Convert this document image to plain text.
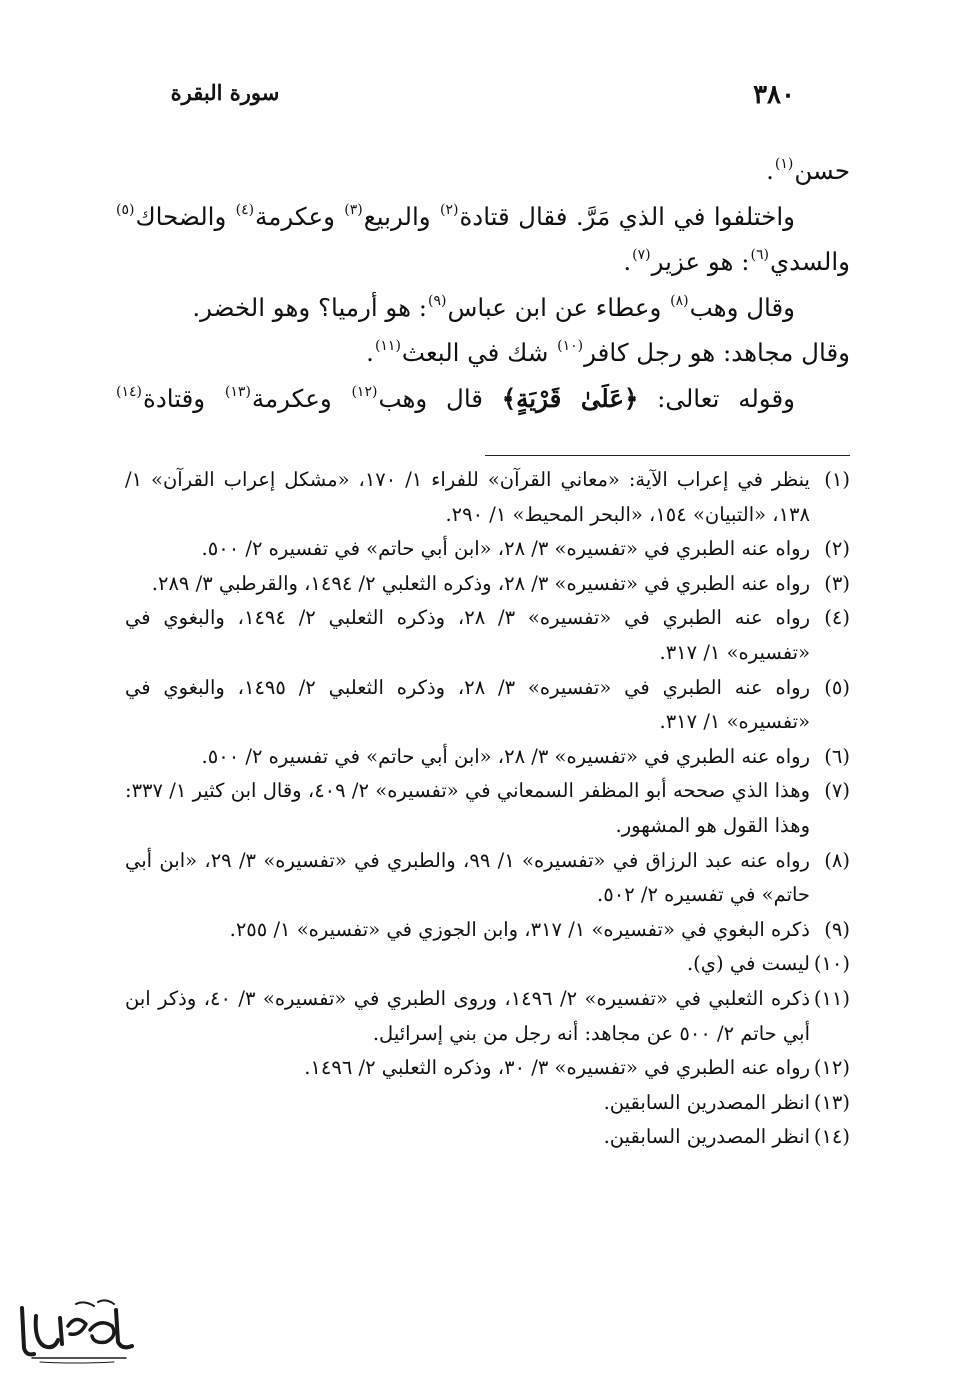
سورة البقرة	٣٨٠

حسن$^{(١)}$.

واختلفوا في الذي مَرَّ. فقال قتادة$^{(٢)}$ والربيع$^{(٣)}$ وعكرمة$^{(٤)}$ والضحاك$^{(٥)}$ والسدي$^{(٦)}$: هو عزير$^{(٧)}$.

وقال وهب$^{(٨)}$ وعطاء عن ابن عباس$^{(٩)}$: هو أرميا؟ وهو الخضر.

وقال مجاهد: هو رجل كافر$^{(١٠)}$ شك في البعث$^{(١١)}$.

وقوله تعالى: ﴿عَلَىٰ قَرْيَةٍ﴾ قال وهب$^{(١٢)}$ وعكرمة$^{(١٣)}$ وقتادة$^{(١٤)}$

(١)
ينظر في إعراب الآية: «معاني القرآن» للفراء ١/ ١٧٠، «مشكل إعراب القرآن» ١/ ١٣٨، «التبيان» ١٥٤، «البحر المحيط» ١/ ٢٩٠.
(٢)
رواه عنه الطبري في «تفسيره» ٣/ ٢٨، «ابن أبي حاتم» في تفسيره ٢/ ٥٠٠.
(٣)
رواه عنه الطبري في «تفسيره» ٣/ ٢٨، وذكره الثعلبي ٢/ ١٤٩٤، والقرطبي ٣/ ٢٨٩.
(٤)
رواه عنه الطبري في «تفسيره» ٣/ ٢٨، وذكره الثعلبي ٢/ ١٤٩٤، والبغوي في «تفسيره» ١/ ٣١٧.
(٥)
رواه عنه الطبري في «تفسيره» ٣/ ٢٨، وذكره الثعلبي ٢/ ١٤٩٥، والبغوي في «تفسيره» ١/ ٣١٧.
(٦)
رواه عنه الطبري في «تفسيره» ٣/ ٢٨، «ابن أبي حاتم» في تفسيره ٢/ ٥٠٠.
(٧)
وهذا الذي صححه أبو المظفر السمعاني في «تفسيره» ٢/ ٤٠٩، وقال ابن كثير ١/ ٣٣٧: وهذا القول هو المشهور.
(٨)
رواه عنه عبد الرزاق في «تفسيره» ١/ ٩٩، والطبري في «تفسيره» ٣/ ٢٩، «ابن أبي حاتم» في تفسيره ٢/ ٥٠٢.
(٩)
ذكره البغوي في «تفسيره» ١/ ٣١٧، وابن الجوزي في «تفسيره» ١/ ٢٥٥.
(١٠)
ليست في (ي).
(١١)
ذكره الثعلبي في «تفسيره» ٢/ ١٤٩٦، وروى الطبري في «تفسيره» ٣/ ٤٠، وذكر ابن أبي حاتم ٢/ ٥٠٠ عن مجاهد: أنه رجل من بني إسرائيل.
(١٢)
رواه عنه الطبري في «تفسيره» ٣/ ٣٠، وذكره الثعلبي ٢/ ١٤٩٦.
(١٣)
انظر المصدرين السابقين.
(١٤)
انظر المصدرين السابقين.
